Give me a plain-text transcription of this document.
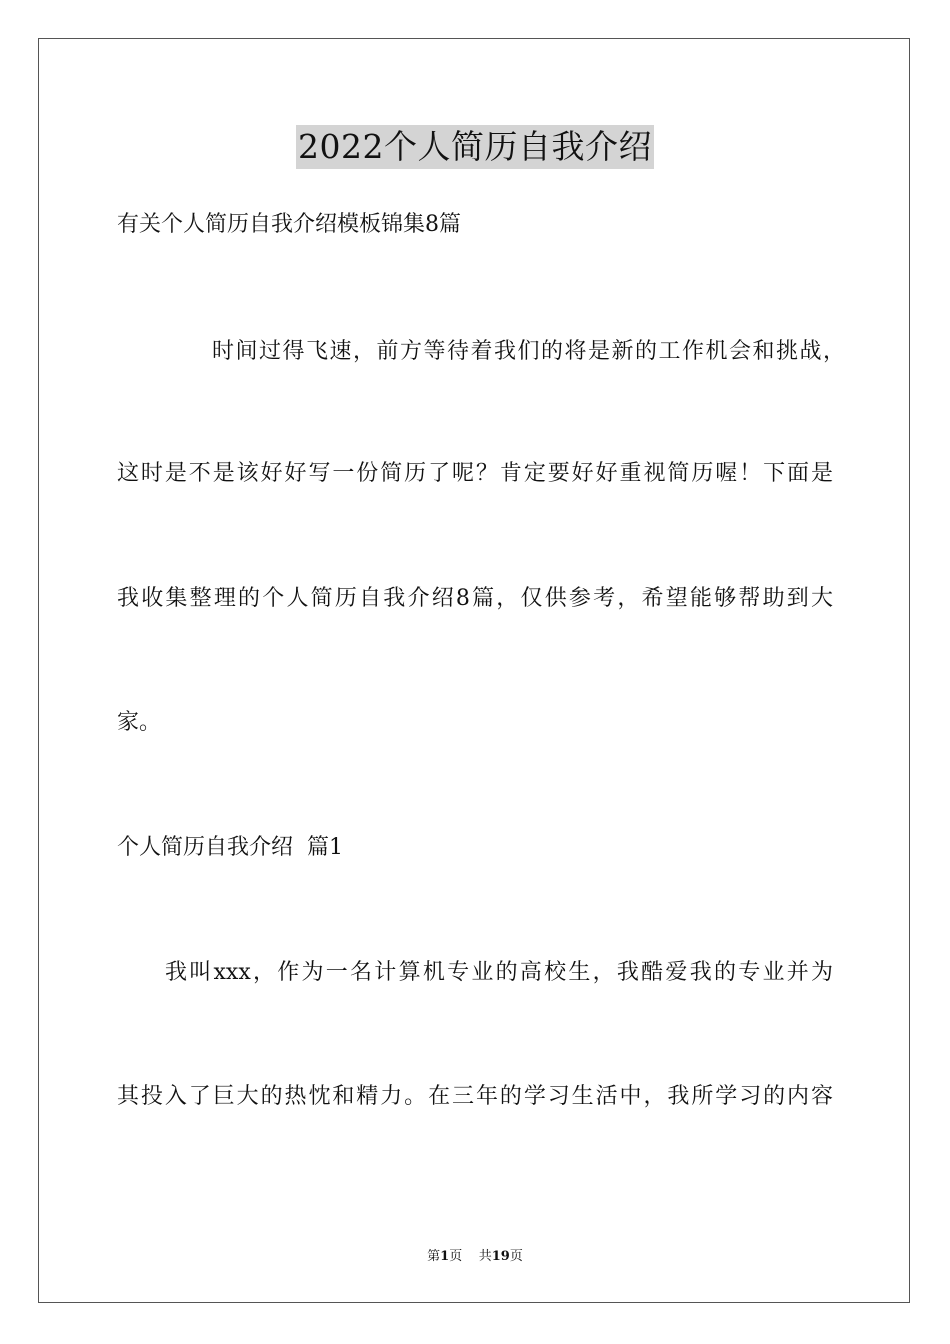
2022个人简历自我介绍
有关个人简历自我介绍模板锦集8篇
时间过得飞速，前方等待着我们的将是新的工作机会和挑战，
这时是不是该好好写一份简历了呢？肯定要好好重视简历喔！下面是
我收集整理的个人简历自我介绍8篇，仅供参考，希望能够帮助到大
家。
个人简历自我介绍  篇1
我叫xxx，作为一名计算机专业的高校生，我酷爱我的专业并为
其投入了巨大的热忱和精力。在三年的学习生活中，我所学习的内容
第1页 共19页
